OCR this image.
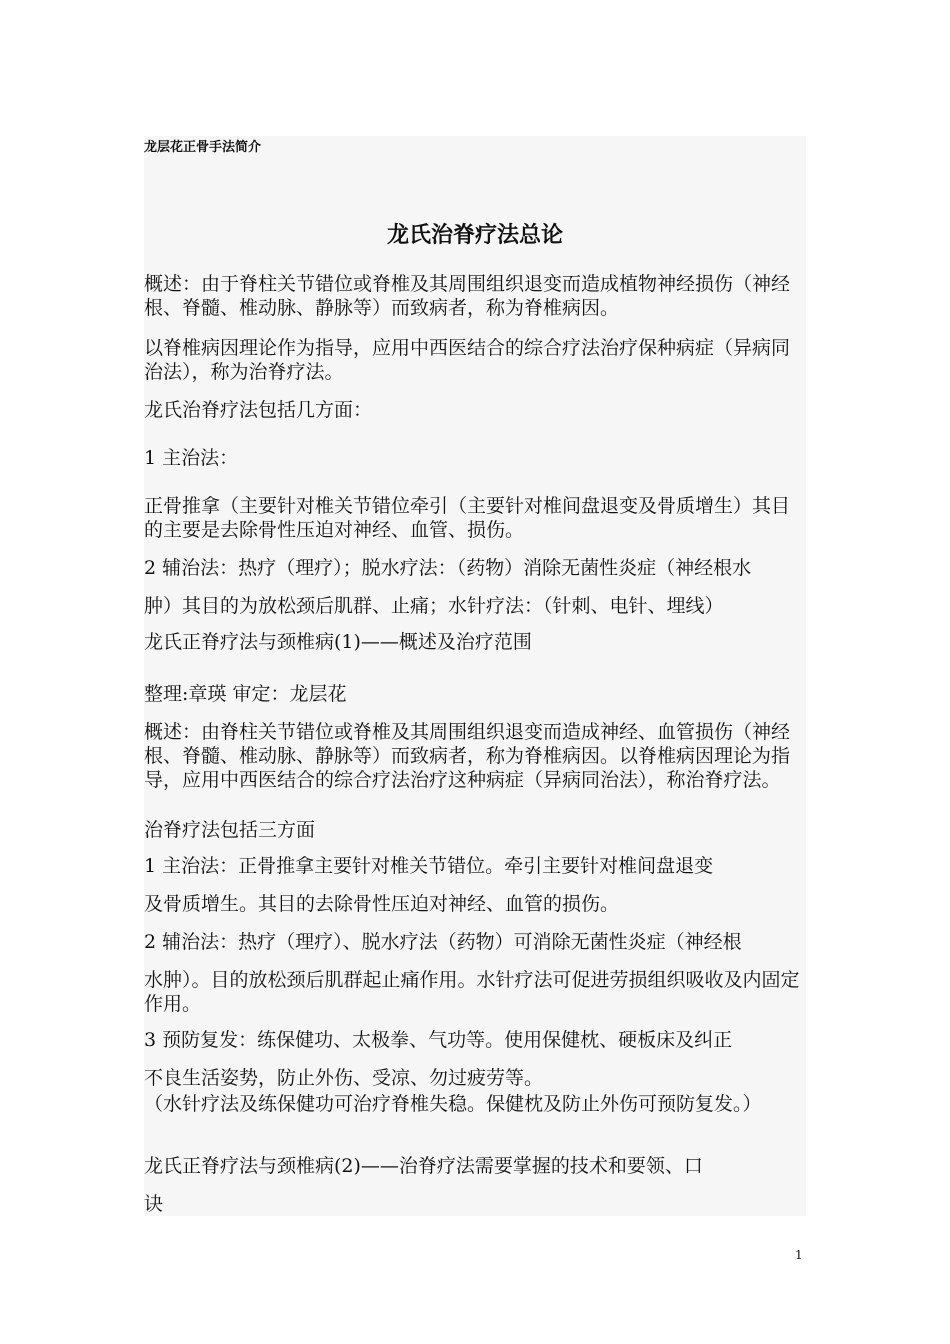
龙层花正骨手法简介
龙氏治脊疗法总论
概述：由于脊柱关节错位或脊椎及其周围组织退变而造成植物神经损伤（神经根、脊髓、椎动脉、静脉等）而致病者，称为脊椎病因。
以脊椎病因理论作为指导，应用中西医结合的综合疗法治疗保种病症（异病同治法），称为治脊疗法。
龙氏治脊疗法包括几方面：
1 主治法：
正骨推拿（主要针对椎关节错位牵引（主要针对椎间盘退变及骨质增生）其目的主要是去除骨性压迫对神经、血管、损伤。
2 辅治法：热疗（理疗）；脱水疗法：（药物）消除无菌性炎症（神经根水
肿）其目的为放松颈后肌群、止痛；水针疗法：（针刺、电针、埋线）
龙氏正脊疗法与颈椎病(1)——概述及治疗范围
整理:章瑛 审定：龙层花
概述：由脊柱关节错位或脊椎及其周围组织退变而造成神经、血管损伤（神经根、脊髓、椎动脉、静脉等）而致病者，称为脊椎病因。以脊椎病因理论为指导，应用中西医结合的综合疗法治疗这种病症（异病同治法），称治脊疗法。
治脊疗法包括三方面
1 主治法：正骨推拿主要针对椎关节错位。牵引主要针对椎间盘退变
及骨质增生。其目的去除骨性压迫对神经、血管的损伤。
2 辅治法：热疗（理疗）、脱水疗法（药物）可消除无菌性炎症（神经根
水肿）。目的放松颈后肌群起止痛作用。水针疗法可促进劳损组织吸收及内固定作用。
3 预防复发：练保健功、太极拳、气功等。使用保健枕、硬板床及纠正
不良生活姿势，防止外伤、受凉、勿过疲劳等。
（水针疗法及练保健功可治疗脊椎失稳。保健枕及防止外伤可预防复发。）
龙氏正脊疗法与颈椎病(2)——治脊疗法需要掌握的技术和要领、口
诀
1
